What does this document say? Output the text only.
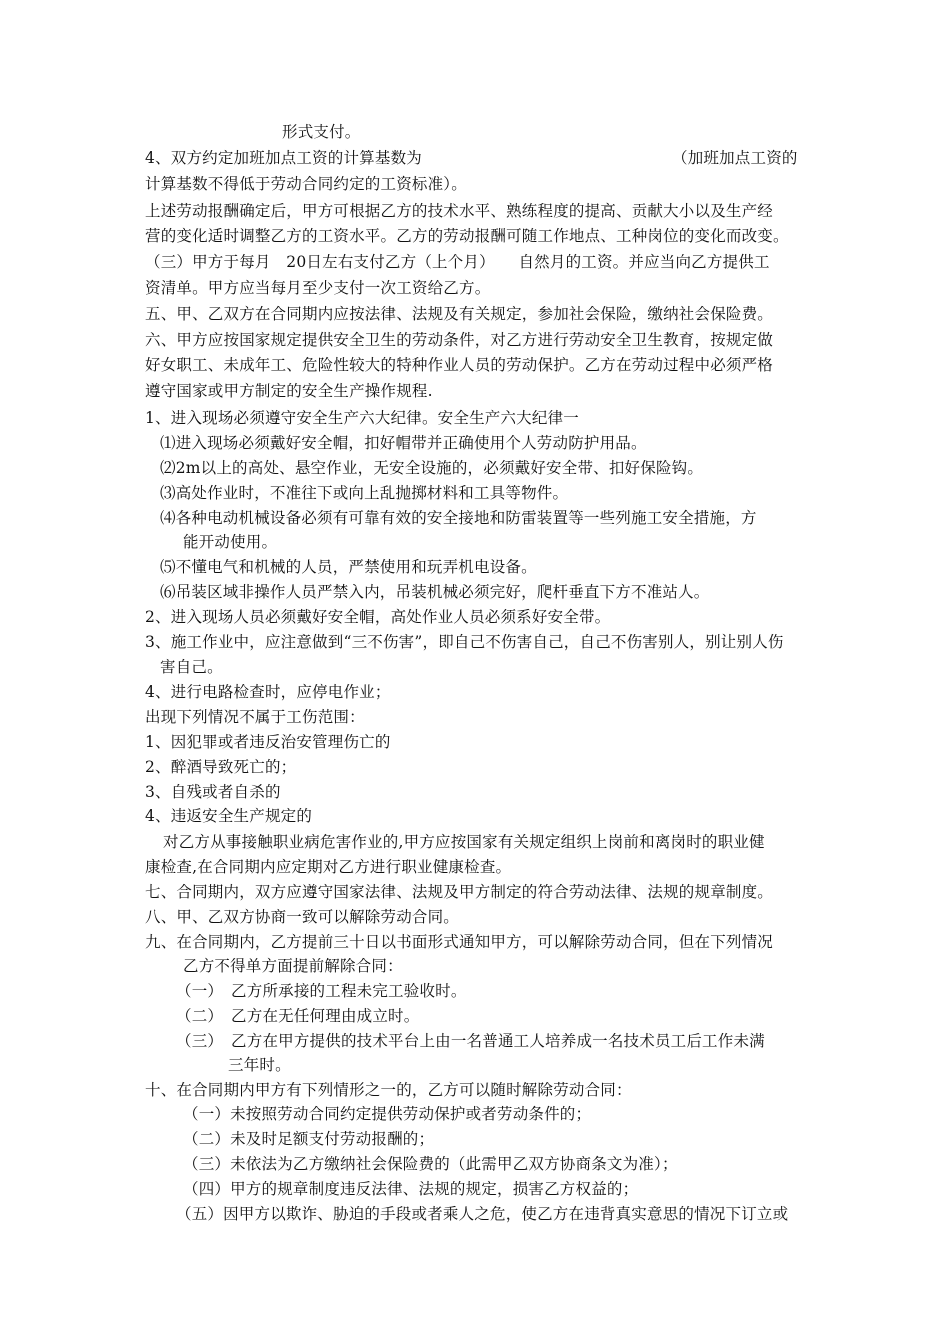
形式支付。
4、双方约定加班加点工资的计算基数为	（加班加点工资的
计算基数不得低于劳动合同约定的工资标准）。
上述劳动报酬确定后，甲方可根据乙方的技术水平、熟练程度的提高、贡献大小以及生产经
营的变化适时调整乙方的工资水平。乙方的劳动报酬可随工作地点、工种岗位的变化而改变。
（三）甲方于每月　20日左右支付乙方（上个月）　　自然月的工资。并应当向乙方提供工
资清单。甲方应当每月至少支付一次工资给乙方。
五、甲、乙双方在合同期内应按法律、法规及有关规定，参加社会保险，缴纳社会保险费。
六、甲方应按国家规定提供安全卫生的劳动条件，对乙方进行劳动安全卫生教育，按规定做
好女职工、未成年工、危险性较大的特种作业人员的劳动保护。乙方在劳动过程中必须严格
遵守国家或甲方制定的安全生产操作规程.
1、进入现场必须遵守安全生产六大纪律。安全生产六大纪律一
⑴进入现场必须戴好安全帽，扣好帽带并正确使用个人劳动防护用品。
⑵2m以上的高处、悬空作业，无安全设施的，必须戴好安全带、扣好保险钩。
⑶高处作业时，不准往下或向上乱抛掷材料和工具等物件。
⑷各种电动机械设备必须有可靠有效的安全接地和防雷装置等一些列施工安全措施，方
能开动使用。
⑸不懂电气和机械的人员，严禁使用和玩弄机电设备。
⑹吊装区域非操作人员严禁入内，吊装机械必须完好，爬杆垂直下方不准站人。
2、进入现场人员必须戴好安全帽，高处作业人员必须系好安全带。
3、施工作业中，应注意做到“三不伤害”，即自己不伤害自己，自己不伤害别人，别让别人伤
害自己。
4、进行电路检查时，应停电作业；
出现下列情况不属于工伤范围：
1、因犯罪或者违反治安管理伤亡的
2、醉酒导致死亡的；
3、自残或者自杀的
4、违返安全生产规定的
对乙方从事接触职业病危害作业的,甲方应按国家有关规定组织上岗前和离岗时的职业健
康检查,在合同期内应定期对乙方进行职业健康检查。
七、合同期内，双方应遵守国家法律、法规及甲方制定的符合劳动法律、法规的规章制度。
八、甲、乙双方协商一致可以解除劳动合同。
九、在合同期内，乙方提前三十日以书面形式通知甲方，可以解除劳动合同，但在下列情况
乙方不得单方面提前解除合同：
（一）　乙方所承接的工程未完工验收时。
（二）　乙方在无任何理由成立时。
（三）　乙方在甲方提供的技术平台上由一名普通工人培养成一名技术员工后工作未满
三年时。
十、在合同期内甲方有下列情形之一的，乙方可以随时解除劳动合同：
（一）未按照劳动合同约定提供劳动保护或者劳动条件的；
（二）未及时足额支付劳动报酬的；
（三）未依法为乙方缴纳社会保险费的（此需甲乙双方协商条文为准）；
（四）甲方的规章制度违反法律、法规的规定，损害乙方权益的；
（五）因甲方以欺诈、胁迫的手段或者乘人之危，使乙方在违背真实意思的情况下订立或
